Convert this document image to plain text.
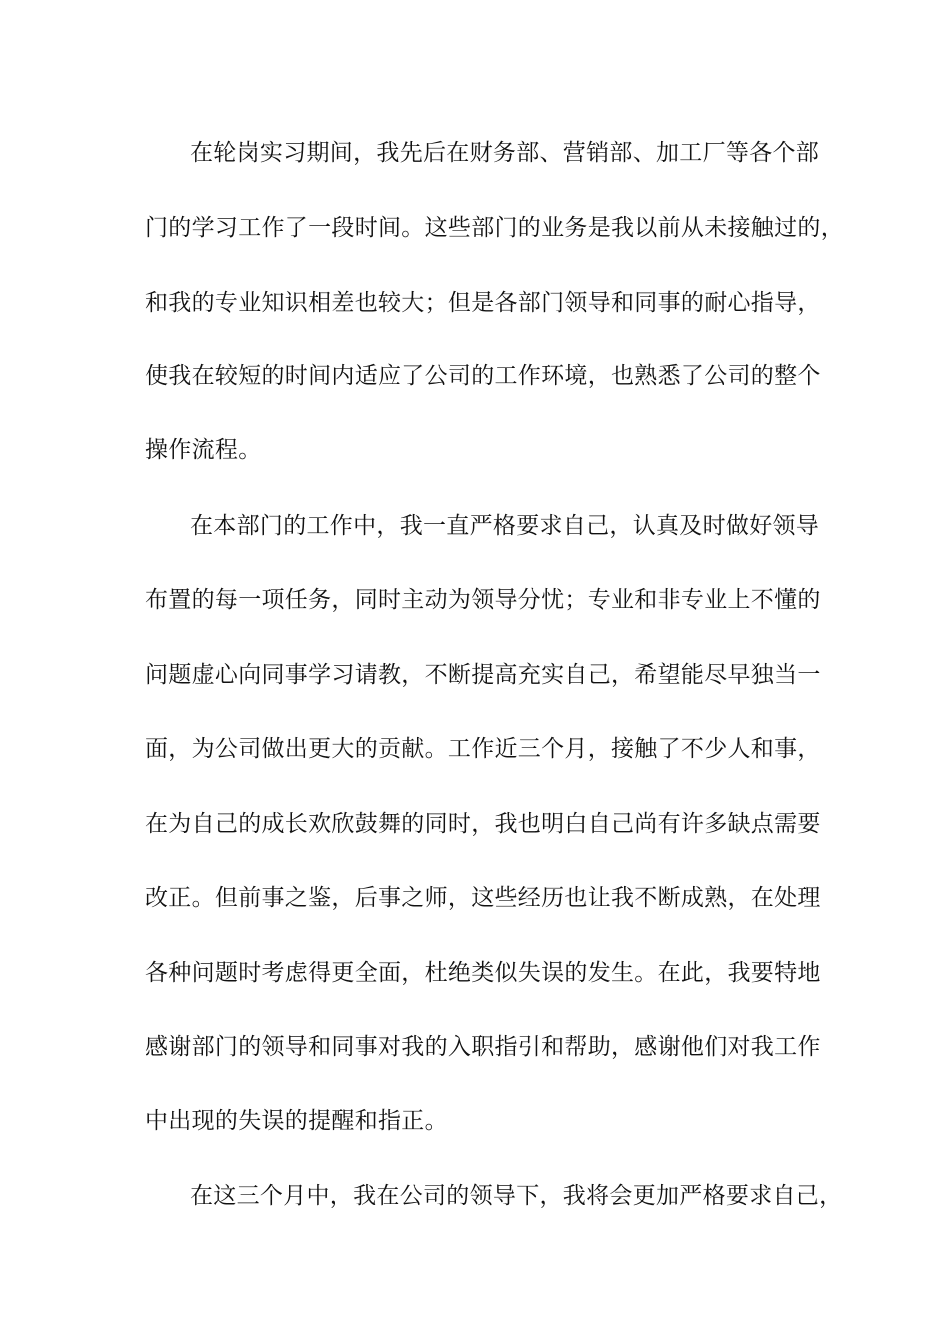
在轮岗实习期间，我先后在财务部、营销部、加工厂等各个部
门的学习工作了一段时间。这些部门的业务是我以前从未接触过的，
和我的专业知识相差也较大；但是各部门领导和同事的耐心指导，
使我在较短的时间内适应了公司的工作环境，也熟悉了公司的整个
操作流程。
在本部门的工作中，我一直严格要求自己，认真及时做好领导
布置的每一项任务，同时主动为领导分忧；专业和非专业上不懂的
问题虚心向同事学习请教，不断提高充实自己，希望能尽早独当一
面，为公司做出更大的贡献。工作近三个月，接触了不少人和事，
在为自己的成长欢欣鼓舞的同时，我也明白自己尚有许多缺点需要
改正。但前事之鉴，后事之师，这些经历也让我不断成熟，在处理
各种问题时考虑得更全面，杜绝类似失误的发生。在此，我要特地
感谢部门的领导和同事对我的入职指引和帮助，感谢他们对我工作
中出现的失误的提醒和指正。
在这三个月中，我在公司的领导下，我将会更加严格要求自己，
